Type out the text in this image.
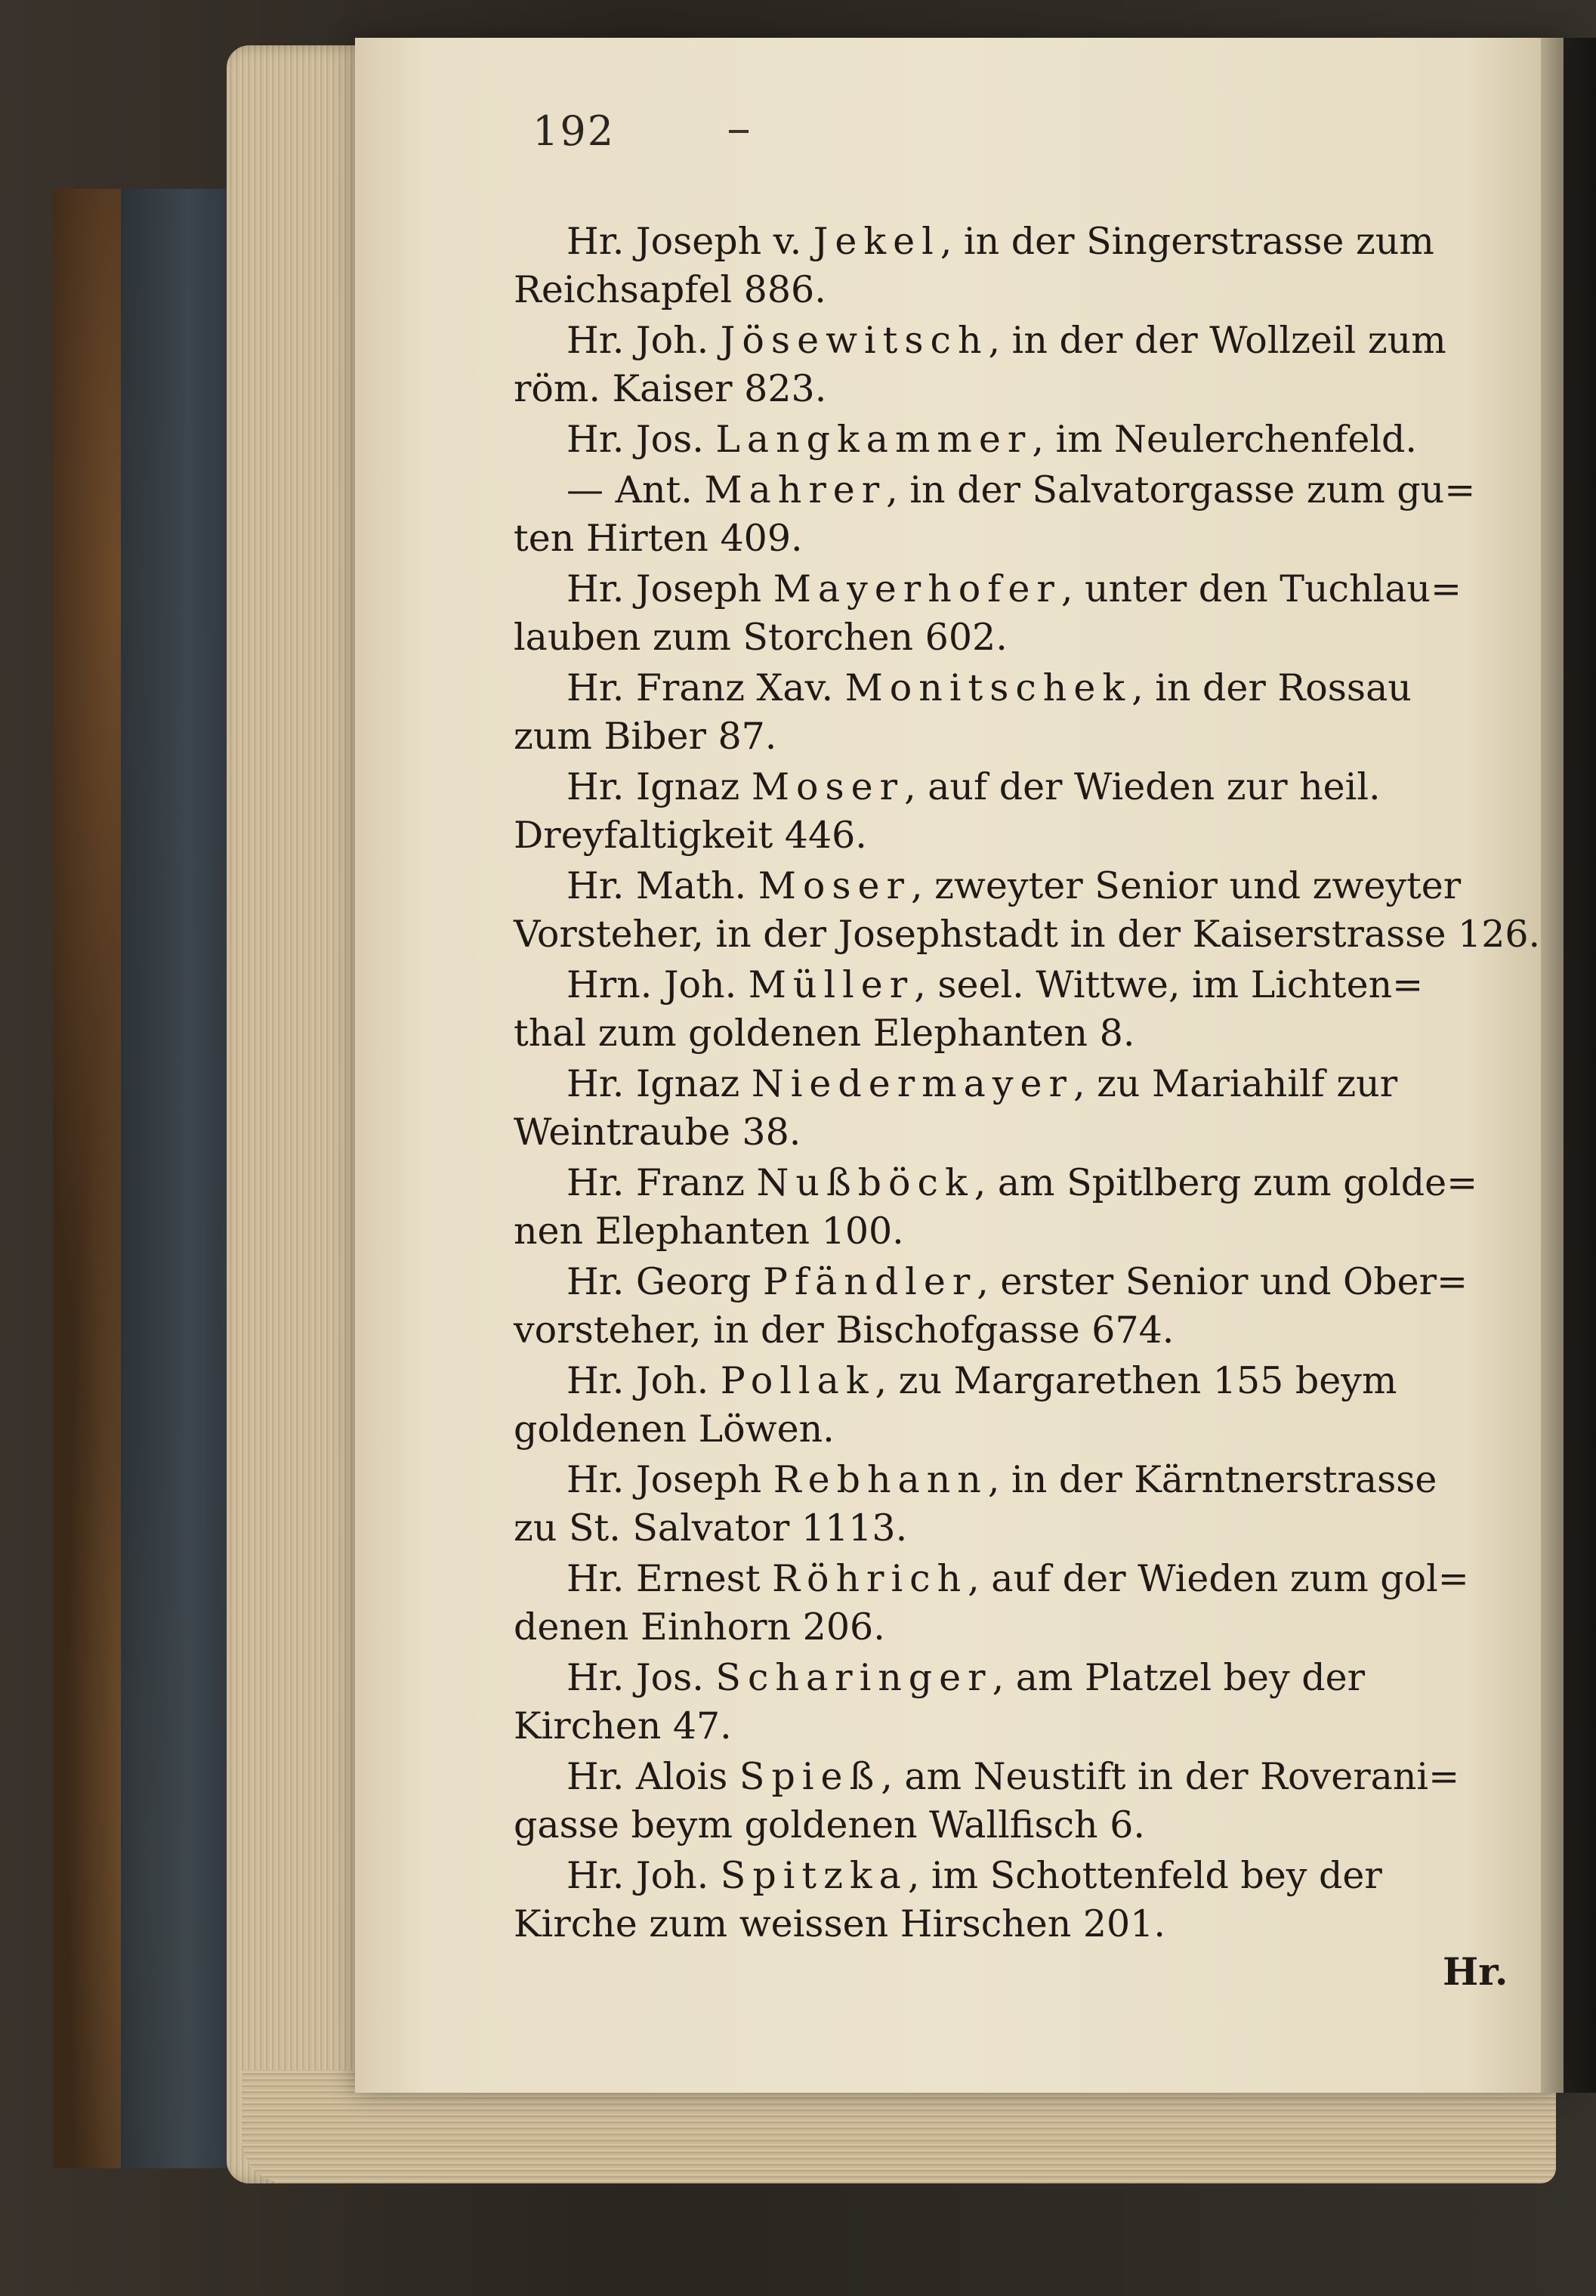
192
Hr. Joseph v. Jekel, in der Singerstrasse zum
Reichsapfel 886.
Hr. Joh. Jösewitsch, in der der Wollzeil zum
röm. Kaiser 823.
Hr. Jos. Langkammer, im Neulerchenfeld.
— Ant. Mahrer, in der Salvatorgasse zum gu=
ten Hirten 409.
Hr. Joseph Mayerhofer, unter den Tuchlau=
lauben zum Storchen 602.
Hr. Franz Xav. Monitschek, in der Rossau
zum Biber 87.
Hr. Ignaz Moser, auf der Wieden zur heil.
Dreyfaltigkeit 446.
Hr. Math. Moser, zweyter Senior und zweyter
Vorsteher, in der Josephstadt in der Kaiserstrasse 126.
Hrn. Joh. Müller, seel. Wittwe, im Lichten=
thal zum goldenen Elephanten 8.
Hr. Ignaz Niedermayer, zu Mariahilf zur
Weintraube 38.
Hr. Franz Nußböck, am Spitlberg zum golde=
nen Elephanten 100.
Hr. Georg Pfändler, erster Senior und Ober=
vorsteher, in der Bischofgasse 674.
Hr. Joh. Pollak, zu Margarethen 155 beym
goldenen Löwen.
Hr. Joseph Rebhann, in der Kärntnerstrasse
zu St. Salvator 1113.
Hr. Ernest Röhrich, auf der Wieden zum gol=
denen Einhorn 206.
Hr. Jos. Scharinger, am Platzel bey der
Kirchen 47.
Hr. Alois Spieß, am Neustift in der Roverani=
gasse beym goldenen Wallfisch 6.
Hr. Joh. Spitzka, im Schottenfeld bey der
Kirche zum weissen Hirschen 201.
Hr.
